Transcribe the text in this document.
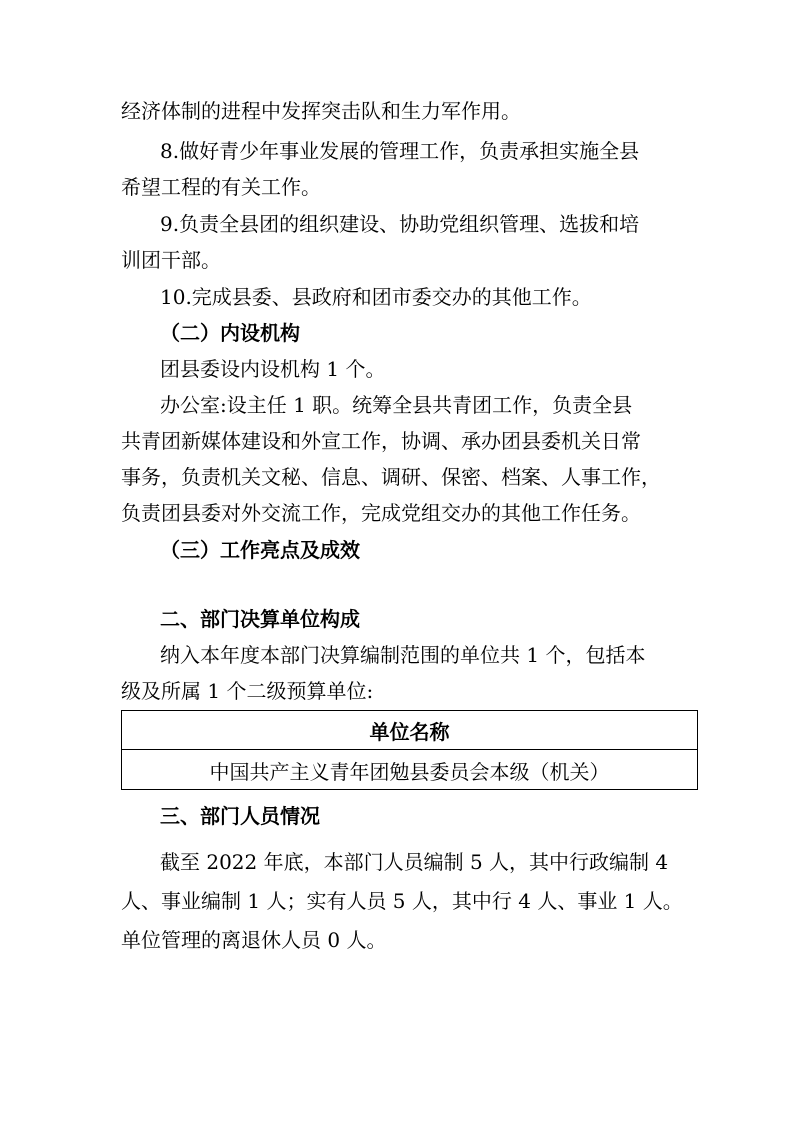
经济体制的进程中发挥突击队和生力军作用。
8.做好青少年事业发展的管理工作，负责承担实施全县
希望工程的有关工作。
9.负责全县团的组织建设、协助党组织管理、选拔和培
训团干部。
10.完成县委、县政府和团市委交办的其他工作。
（二）内设机构
团县委设内设机构 1 个。
办公室:设主任 1 职。统筹全县共青团工作，负责全县
共青团新媒体建设和外宣工作，协调、承办团县委机关日常
事务，负责机关文秘、信息、调研、保密、档案、人事工作，
负责团县委对外交流工作，完成党组交办的其他工作任务。
（三）工作亮点及成效
二、部门决算单位构成
纳入本年度本部门决算编制范围的单位共 1 个，包括本
级及所属 1 个二级预算单位:
单位名称
中国共产主义青年团勉县委员会本级（机关）
三、部门人员情况
截至 2022 年底，本部门人员编制 5 人，其中行政编制 4
人、事业编制 1 人；实有人员 5 人，其中行 4 人、事业 1 人。
单位管理的离退休人员 0 人。
